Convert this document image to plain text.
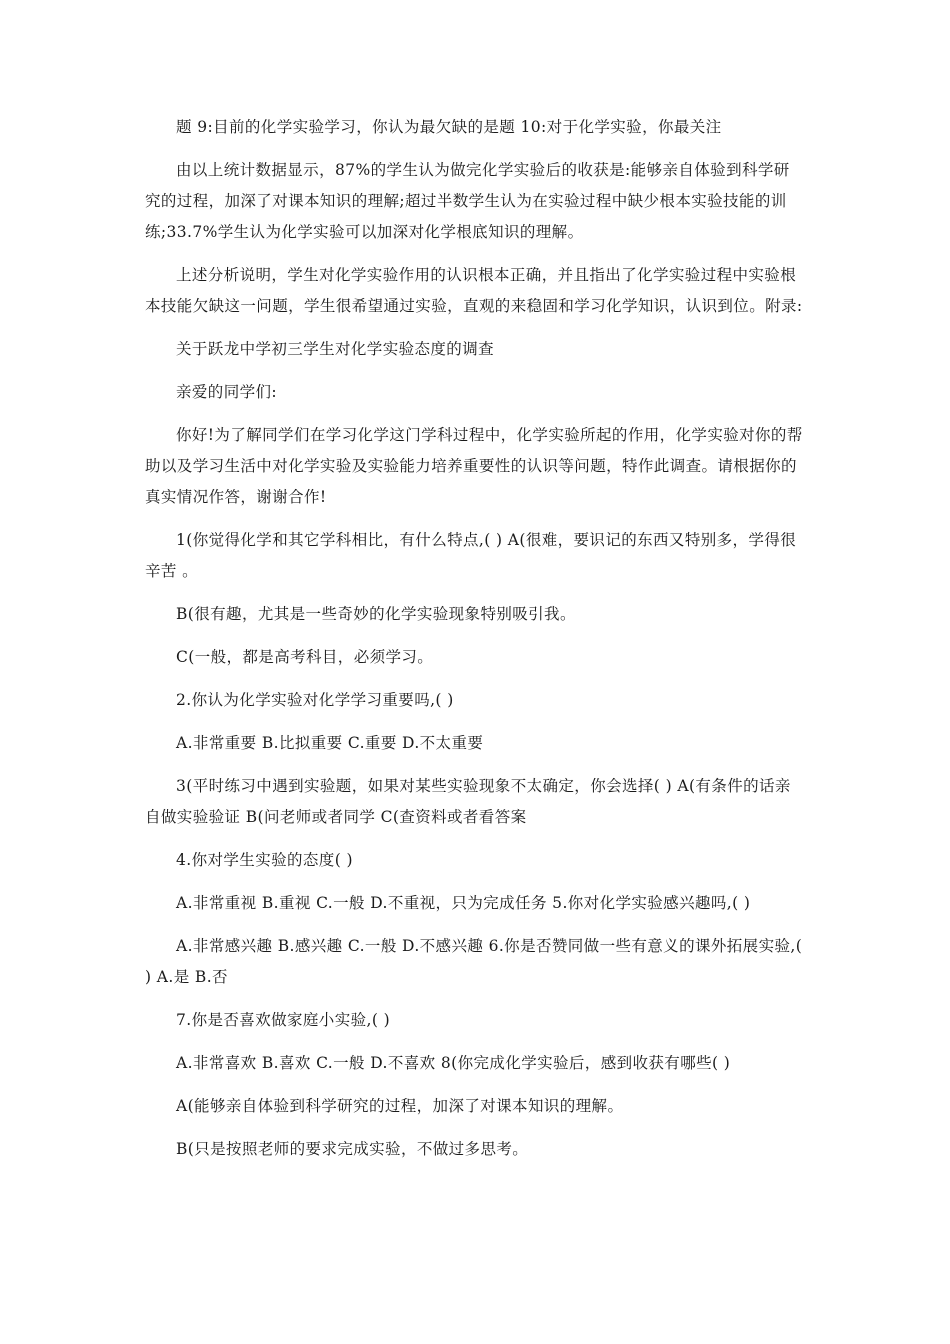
题 9:目前的化学实验学习，你认为最欠缺的是题 10:对于化学实验，你最关注

由以上统计数据显示，87%的学生认为做完化学实验后的收获是:能够亲自体验到科学研究的过程，加深了对课本知识的理解;超过半数学生认为在实验过程中缺少根本实验技能的训练;33.7%学生认为化学实验可以加深对化学根底知识的理解。

上述分析说明，学生对化学实验作用的认识根本正确，并且指出了化学实验过程中实验根本技能欠缺这一问题，学生很希望通过实验，直观的来稳固和学习化学知识，认识到位。附录:

关于跃龙中学初三学生对化学实验态度的调查

亲爱的同学们:

你好!为了解同学们在学习化学这门学科过程中，化学实验所起的作用，化学实验对你的帮助以及学习生活中对化学实验及实验能力培养重要性的认识等问题，特作此调查。请根据你的真实情况作答，谢谢合作!

1(你觉得化学和其它学科相比，有什么特点,( ) A(很难，要识记的东西又特别多，学得很辛苦 。

B(很有趣，尤其是一些奇妙的化学实验现象特别吸引我。

C(一般，都是高考科目，必须学习。

2.你认为化学实验对化学学习重要吗,( )

A.非常重要 B.比拟重要 C.重要 D.不太重要

3(平时练习中遇到实验题，如果对某些实验现象不太确定，你会选择( ) A(有条件的话亲自做实验验证 B(问老师或者同学 C(查资料或者看答案

4.你对学生实验的态度( )

A.非常重视 B.重视 C.一般 D.不重视，只为完成任务 5.你对化学实验感兴趣吗,( )

A.非常感兴趣 B.感兴趣 C.一般 D.不感兴趣 6.你是否赞同做一些有意义的课外拓展实验,( ) A.是 B.否

7.你是否喜欢做家庭小实验,( )

A.非常喜欢 B.喜欢 C.一般 D.不喜欢 8(你完成化学实验后，感到收获有哪些( )

A(能够亲自体验到科学研究的过程，加深了对课本知识的理解。

B(只是按照老师的要求完成实验，不做过多思考。
